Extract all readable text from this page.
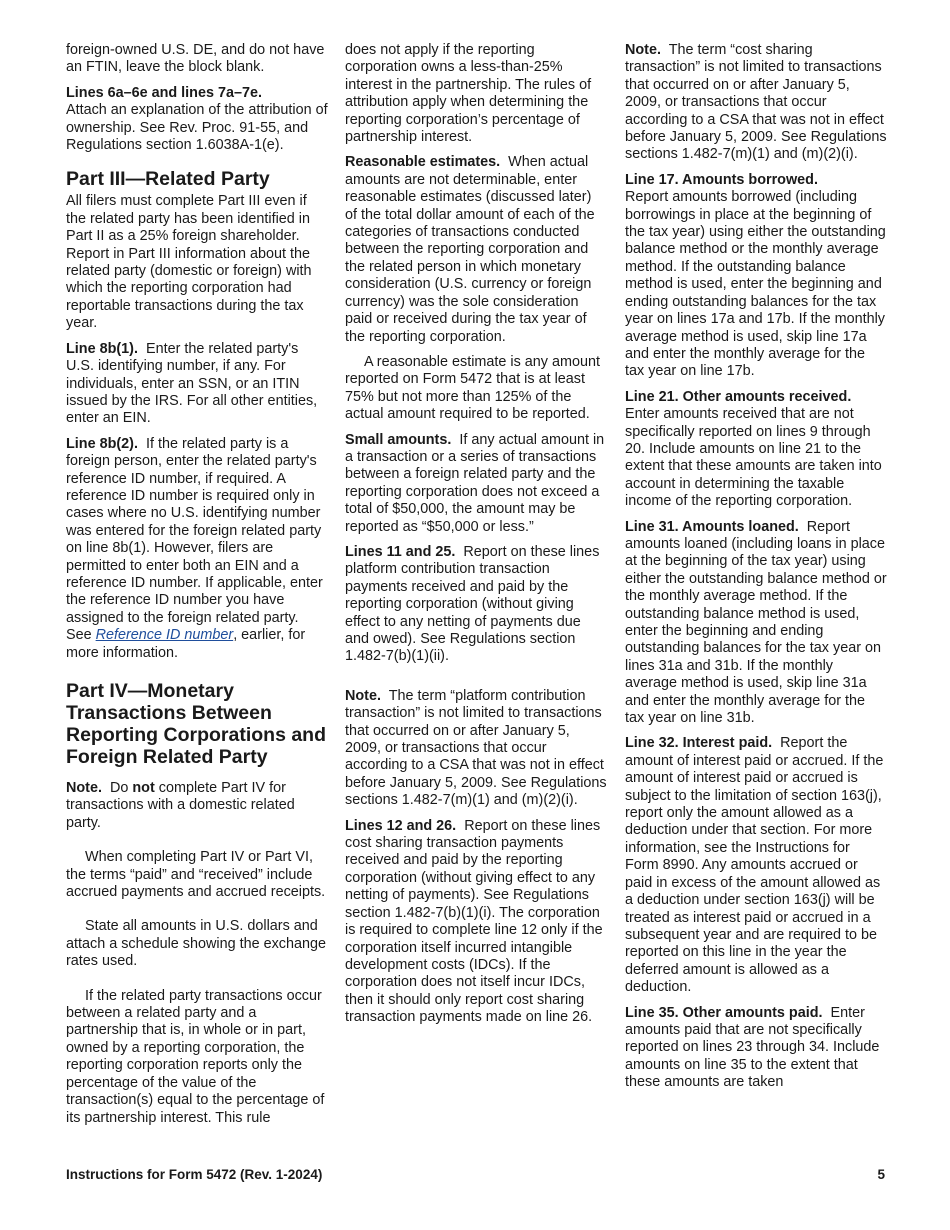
foreign-owned U.S. DE, and do not have an FTIN, leave the block blank.

Lines 6a–6e and lines 7a–7e.
Attach an explanation of the attribution of ownership. See Rev. Proc. 91-55, and Regulations section 1.6038A-1(e).

Part III—Related Party

All filers must complete Part III even if the related party has been identified in Part II as a 25% foreign shareholder. Report in Part III information about the related party (domestic or foreign) with which the reporting corporation had reportable transactions during the tax year.

Line 8b(1). Enter the related party's U.S. identifying number, if any. For individuals, enter an SSN, or an ITIN issued by the IRS. For all other entities, enter an EIN.

Line 8b(2). If the related party is a foreign person, enter the related party's reference ID number, if required. A reference ID number is required only in cases where no U.S. identifying number was entered for the foreign related party on line 8b(1). However, filers are permitted to enter both an EIN and a reference ID number. If applicable, enter the reference ID number you have assigned to the foreign related party. See Reference ID number, earlier, for more information.

Part IV—Monetary Transactions Between Reporting Corporations and Foreign Related Party

Note. Do not complete Part IV for transactions with a domestic related party.

When completing Part IV or Part VI, the terms “paid” and “received” include accrued payments and accrued receipts.

State all amounts in U.S. dollars and attach a schedule showing the exchange rates used.

If the related party transactions occur between a related party and a partnership that is, in whole or in part, owned by a reporting corporation, the reporting corporation reports only the percentage of the value of the transaction(s) equal to the percentage of its partnership interest. This rule

does not apply if the reporting corporation owns a less-than-25% interest in the partnership. The rules of attribution apply when determining the reporting corporation’s percentage of partnership interest.

Reasonable estimates. When actual amounts are not determinable, enter reasonable estimates (discussed later) of the total dollar amount of each of the categories of transactions conducted between the reporting corporation and the related person in which monetary consideration (U.S. currency or foreign currency) was the sole consideration paid or received during the tax year of the reporting corporation.

A reasonable estimate is any amount reported on Form 5472 that is at least 75% but not more than 125% of the actual amount required to be reported.

Small amounts. If any actual amount in a transaction or a series of transactions between a foreign related party and the reporting corporation does not exceed a total of $50,000, the amount may be reported as “$50,000 or less.”

Lines 11 and 25. Report on these lines platform contribution transaction payments received and paid by the reporting corporation (without giving effect to any netting of payments due and owed). See Regulations section 1.482-7(b)(1)(ii).

Note. The term “platform contribution transaction” is not limited to transactions that occurred on or after January 5, 2009, or transactions that occur according to a CSA that was not in effect before January 5, 2009. See Regulations sections 1.482-7(m)(1) and (m)(2)(i).

Lines 12 and 26. Report on these lines cost sharing transaction payments received and paid by the reporting corporation (without giving effect to any netting of payments). See Regulations section 1.482-7(b)(1)(i). The corporation is required to complete line 12 only if the corporation itself incurred intangible development costs (IDCs). If the corporation does not itself incur IDCs, then it should only report cost sharing transaction payments made on line 26.

Note. The term “cost sharing transaction” is not limited to transactions that occurred on or after January 5, 2009, or transactions that occur according to a CSA that was not in effect before January 5, 2009. See Regulations sections 1.482-7(m)(1) and (m)(2)(i).

Line 17. Amounts borrowed.
Report amounts borrowed (including borrowings in place at the beginning of the tax year) using either the outstanding balance method or the monthly average method. If the outstanding balance method is used, enter the beginning and ending outstanding balances for the tax year on lines 17a and 17b. If the monthly average method is used, skip line 17a and enter the monthly average for the tax year on line 17b.

Line 21. Other amounts received.
Enter amounts received that are not specifically reported on lines 9 through 20. Include amounts on line 21 to the extent that these amounts are taken into account in determining the taxable income of the reporting corporation.

Line 31. Amounts loaned. Report amounts loaned (including loans in place at the beginning of the tax year) using either the outstanding balance method or the monthly average method. If the outstanding balance method is used, enter the beginning and ending outstanding balances for the tax year on lines 31a and 31b. If the monthly average method is used, skip line 31a and enter the monthly average for the tax year on line 31b.

Line 32. Interest paid. Report the amount of interest paid or accrued. If the amount of interest paid or accrued is subject to the limitation of section 163(j), report only the amount allowed as a deduction under that section. For more information, see the Instructions for Form 8990. Any amounts accrued or paid in excess of the amount allowed as a deduction under section 163(j) will be treated as interest paid or accrued in a subsequent year and are required to be reported on this line in the year the deferred amount is allowed as a deduction.

Line 35. Other amounts paid. Enter amounts paid that are not specifically reported on lines 23 through 34. Include amounts on line 35 to the extent that these amounts are taken

Instructions for Form 5472 (Rev. 1-2024)	5
